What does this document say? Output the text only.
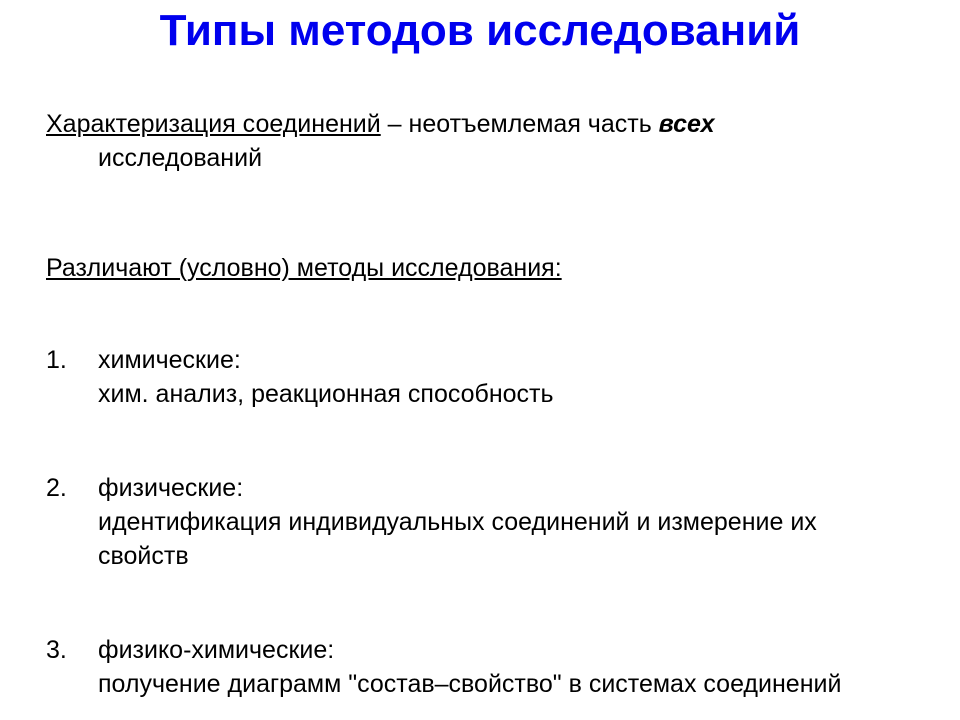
Типы методов исследований
Характеризация соединений – неотъемлемая часть всех
исследований
Различают (условно) методы исследования:
1. химические:
хим. анализ, реакционная способность
2. физические:
идентификация индивидуальных соединений и измерение их
свойств
3. физико-химические:
получение диаграмм "состав–свойство" в системах соединений
